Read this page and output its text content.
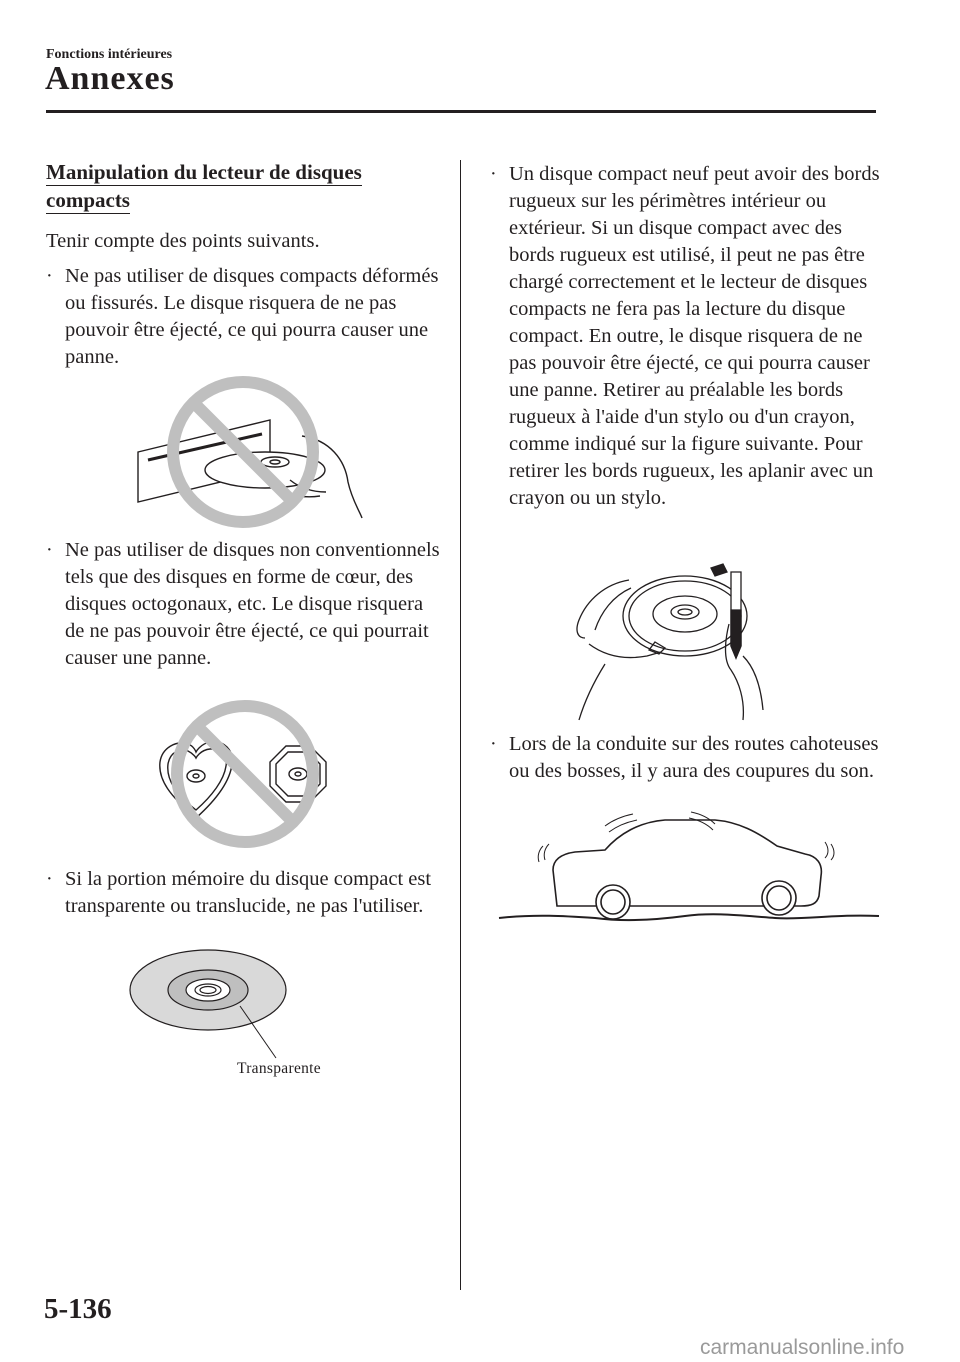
Fonctions intérieures
Annexes
Manipulation du lecteur de disques compacts
Tenir compte des points suivants.
· Ne pas utiliser de disques compacts déformés ou fissurés. Le disque risquera de ne pas pouvoir être éjecté, ce qui pourra causer une panne.
· Ne pas utiliser de disques non conventionnels tels que des disques en forme de cœur, des disques octogonaux, etc. Le disque risquera de ne pas pouvoir être éjecté, ce qui pourrait causer une panne.
· Si la portion mémoire du disque compact est transparente ou translucide, ne pas l'utiliser.
Transparente
· Un disque compact neuf peut avoir des bords rugueux sur les périmètres intérieur ou extérieur. Si un disque compact avec des bords rugueux est utilisé, il peut ne pas être chargé correctement et le lecteur de disques compacts ne fera pas la lecture du disque compact. En outre, le disque risquera de ne pas pouvoir être éjecté, ce qui pourra causer une panne. Retirer au préalable les bords rugueux à l'aide d'un stylo ou d'un crayon, comme indiqué sur la figure suivante. Pour retirer les bords rugueux, les aplanir avec un crayon ou un stylo.
· Lors de la conduite sur des routes cahoteuses ou des bosses, il y aura des coupures du son.
5-136
carmanualsonline.info
